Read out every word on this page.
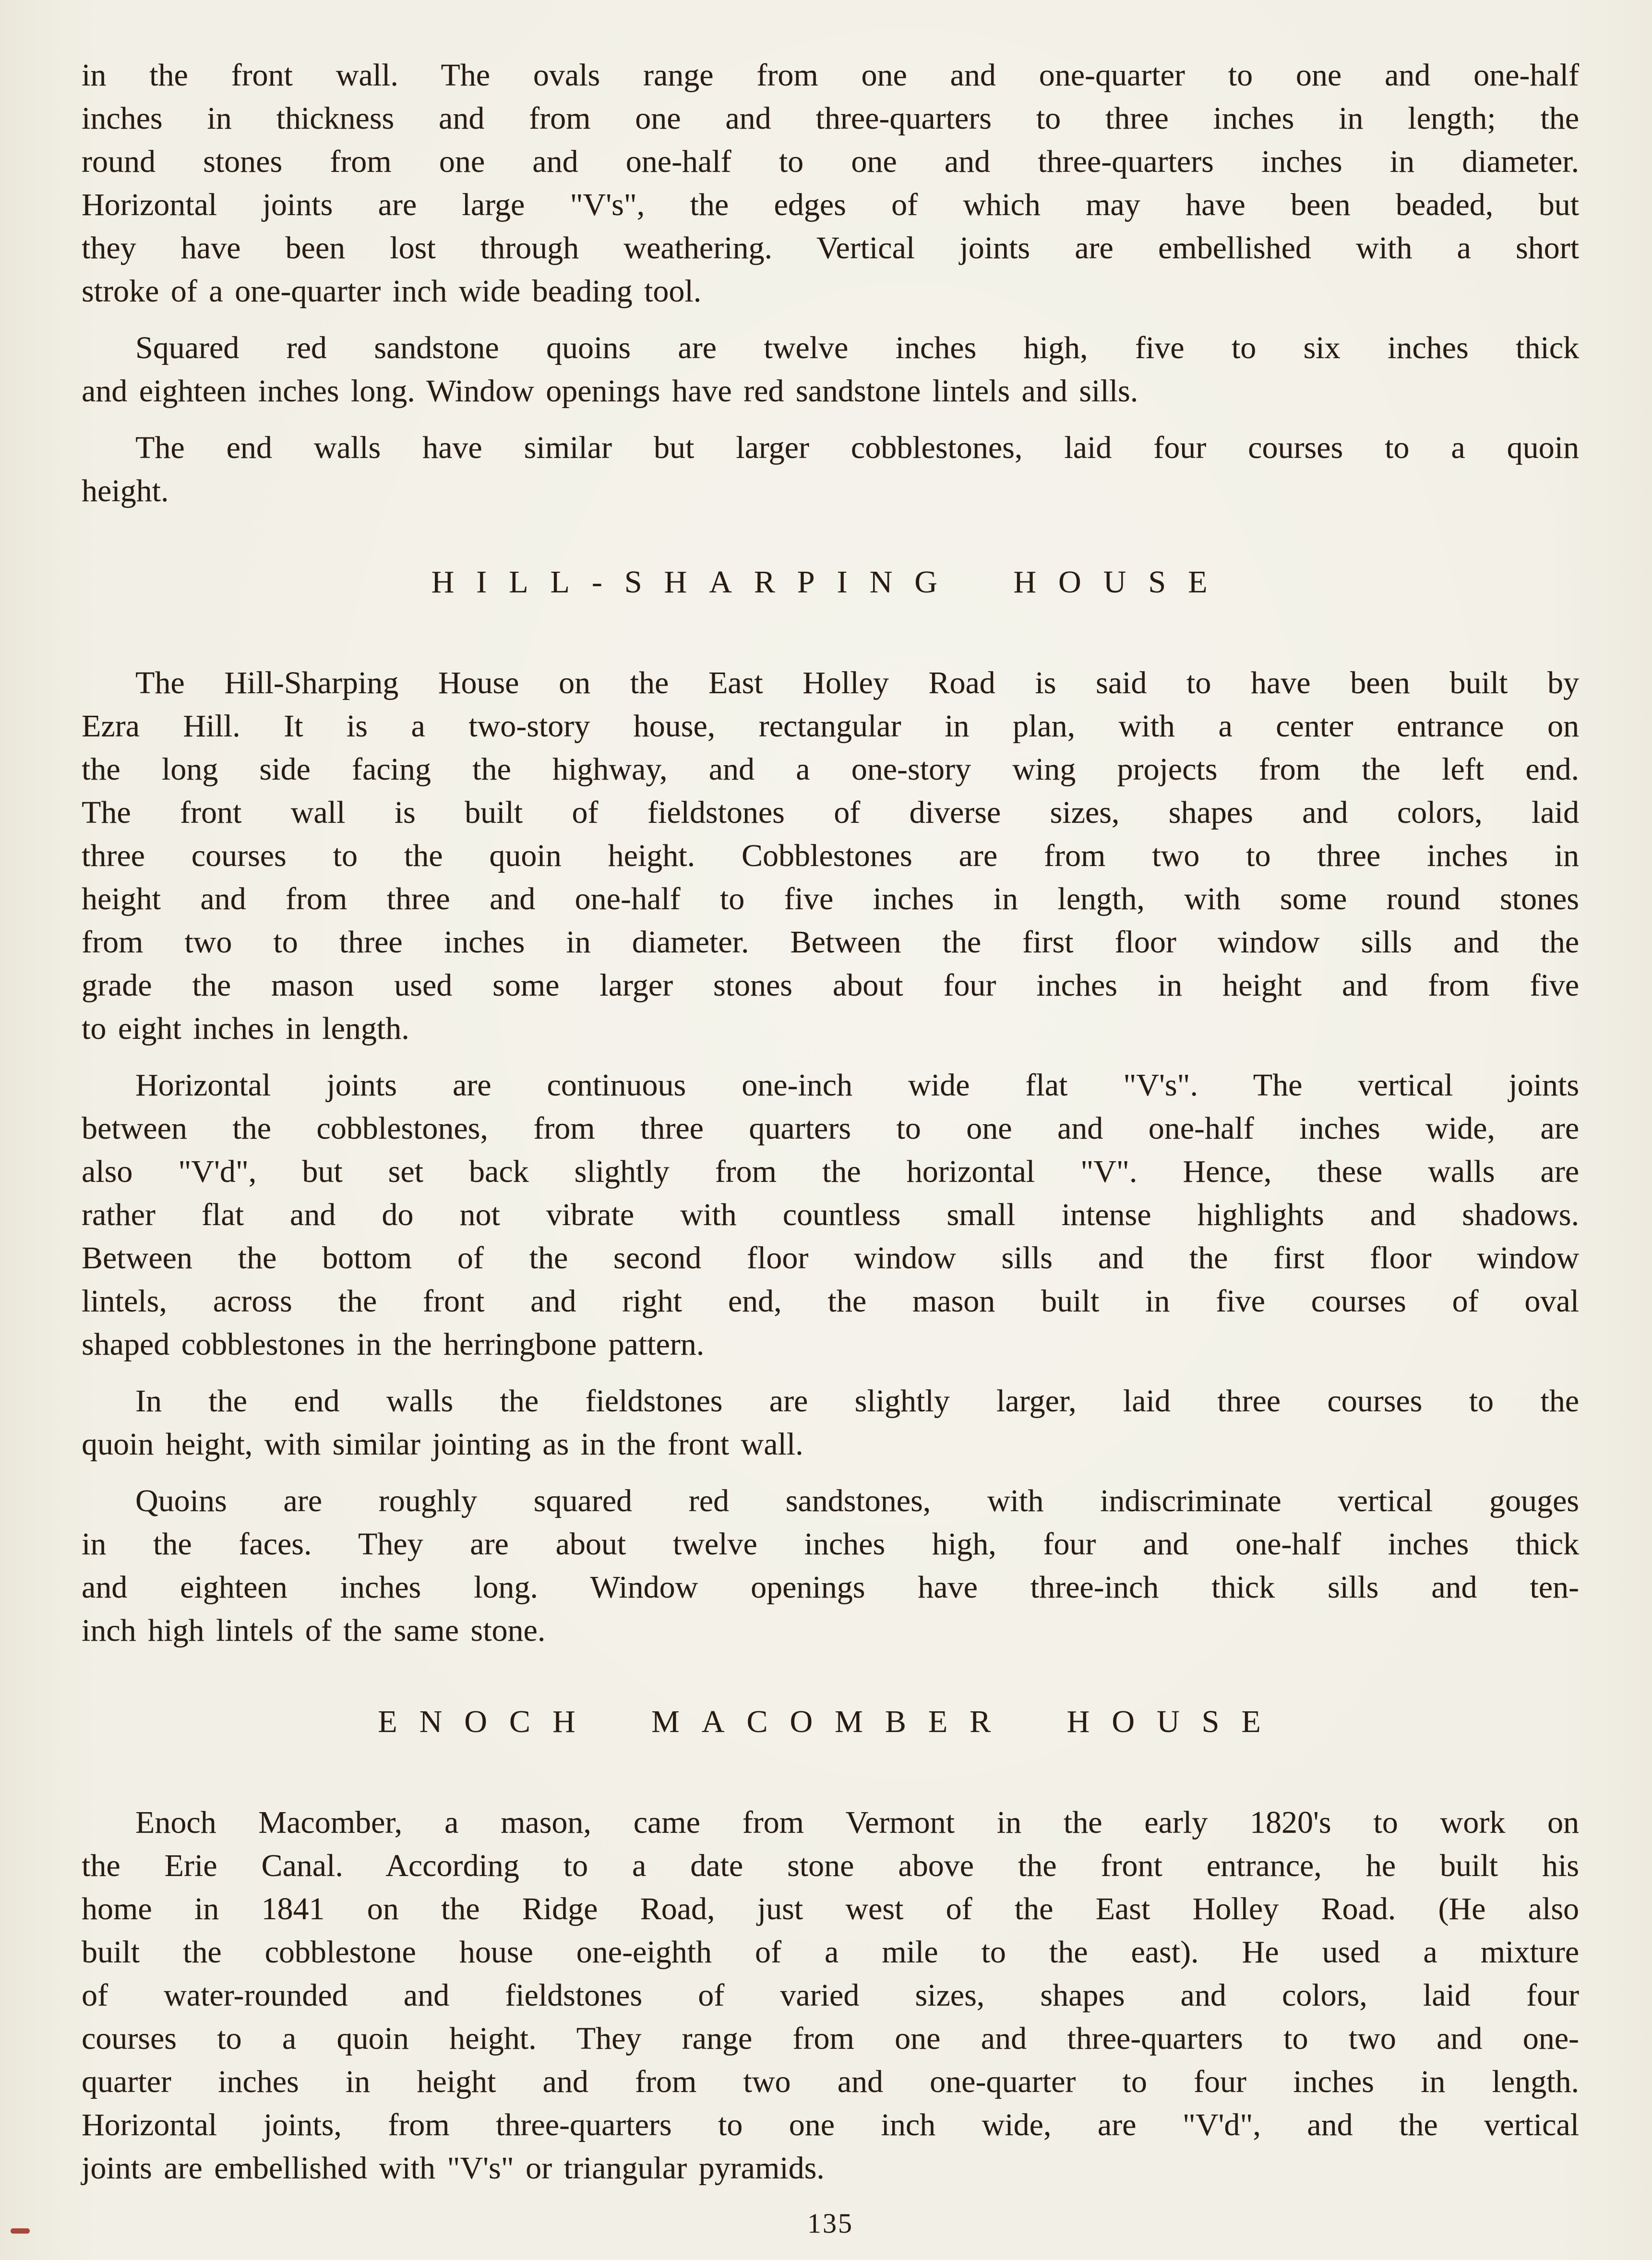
in the front wall. The ovals range from one and one-quarter to one and one-half
inches in thickness and from one and three-quarters to three inches in length; the
round stones from one and one-half to one and three-quarters inches in diameter.
Horizontal joints are large "V's", the edges of which may have been beaded, but
they have been lost through weathering. Vertical joints are embellished with a short
stroke of a one-quarter inch wide beading tool.
Squared red sandstone quoins are twelve inches high, five to six inches thick
and eighteen inches long. Window openings have red sandstone lintels and sills.
The end walls have similar but larger cobblestones, laid four courses to a quoin
height.
HILL-SHARPING HOUSE
The Hill-Sharping House on the East Holley Road is said to have been built by
Ezra Hill. It is a two-story house, rectangular in plan, with a center entrance on
the long side facing the highway, and a one-story wing projects from the left end.
The front wall is built of fieldstones of diverse sizes, shapes and colors, laid
three courses to the quoin height. Cobblestones are from two to three inches in
height and from three and one-half to five inches in length, with some round stones
from two to three inches in diameter. Between the first floor window sills and the
grade the mason used some larger stones about four inches in height and from five
to eight inches in length.
Horizontal joints are continuous one-inch wide flat "V's". The vertical joints
between the cobblestones, from three quarters to one and one-half inches wide, are
also "V'd", but set back slightly from the horizontal "V". Hence, these walls are
rather flat and do not vibrate with countless small intense highlights and shadows.
Between the bottom of the second floor window sills and the first floor window
lintels, across the front and right end, the mason built in five courses of oval
shaped cobblestones in the herringbone pattern.
In the end walls the fieldstones are slightly larger, laid three courses to the
quoin height, with similar jointing as in the front wall.
Quoins are roughly squared red sandstones, with indiscriminate vertical gouges
in the faces. They are about twelve inches high, four and one-half inches thick
and eighteen inches long. Window openings have three-inch thick sills and ten-
inch high lintels of the same stone.
ENOCH MACOMBER HOUSE
Enoch Macomber, a mason, came from Vermont in the early 1820's to work on
the Erie Canal. According to a date stone above the front entrance, he built his
home in 1841 on the Ridge Road, just west of the East Holley Road. (He also
built the cobblestone house one-eighth of a mile to the east). He used a mixture
of water-rounded and fieldstones of varied sizes, shapes and colors, laid four
courses to a quoin height. They range from one and three-quarters to two and one-
quarter inches in height and from two and one-quarter to four inches in length.
Horizontal joints, from three-quarters to one inch wide, are "V'd", and the vertical
joints are embellished with "V's" or triangular pyramids.
135
